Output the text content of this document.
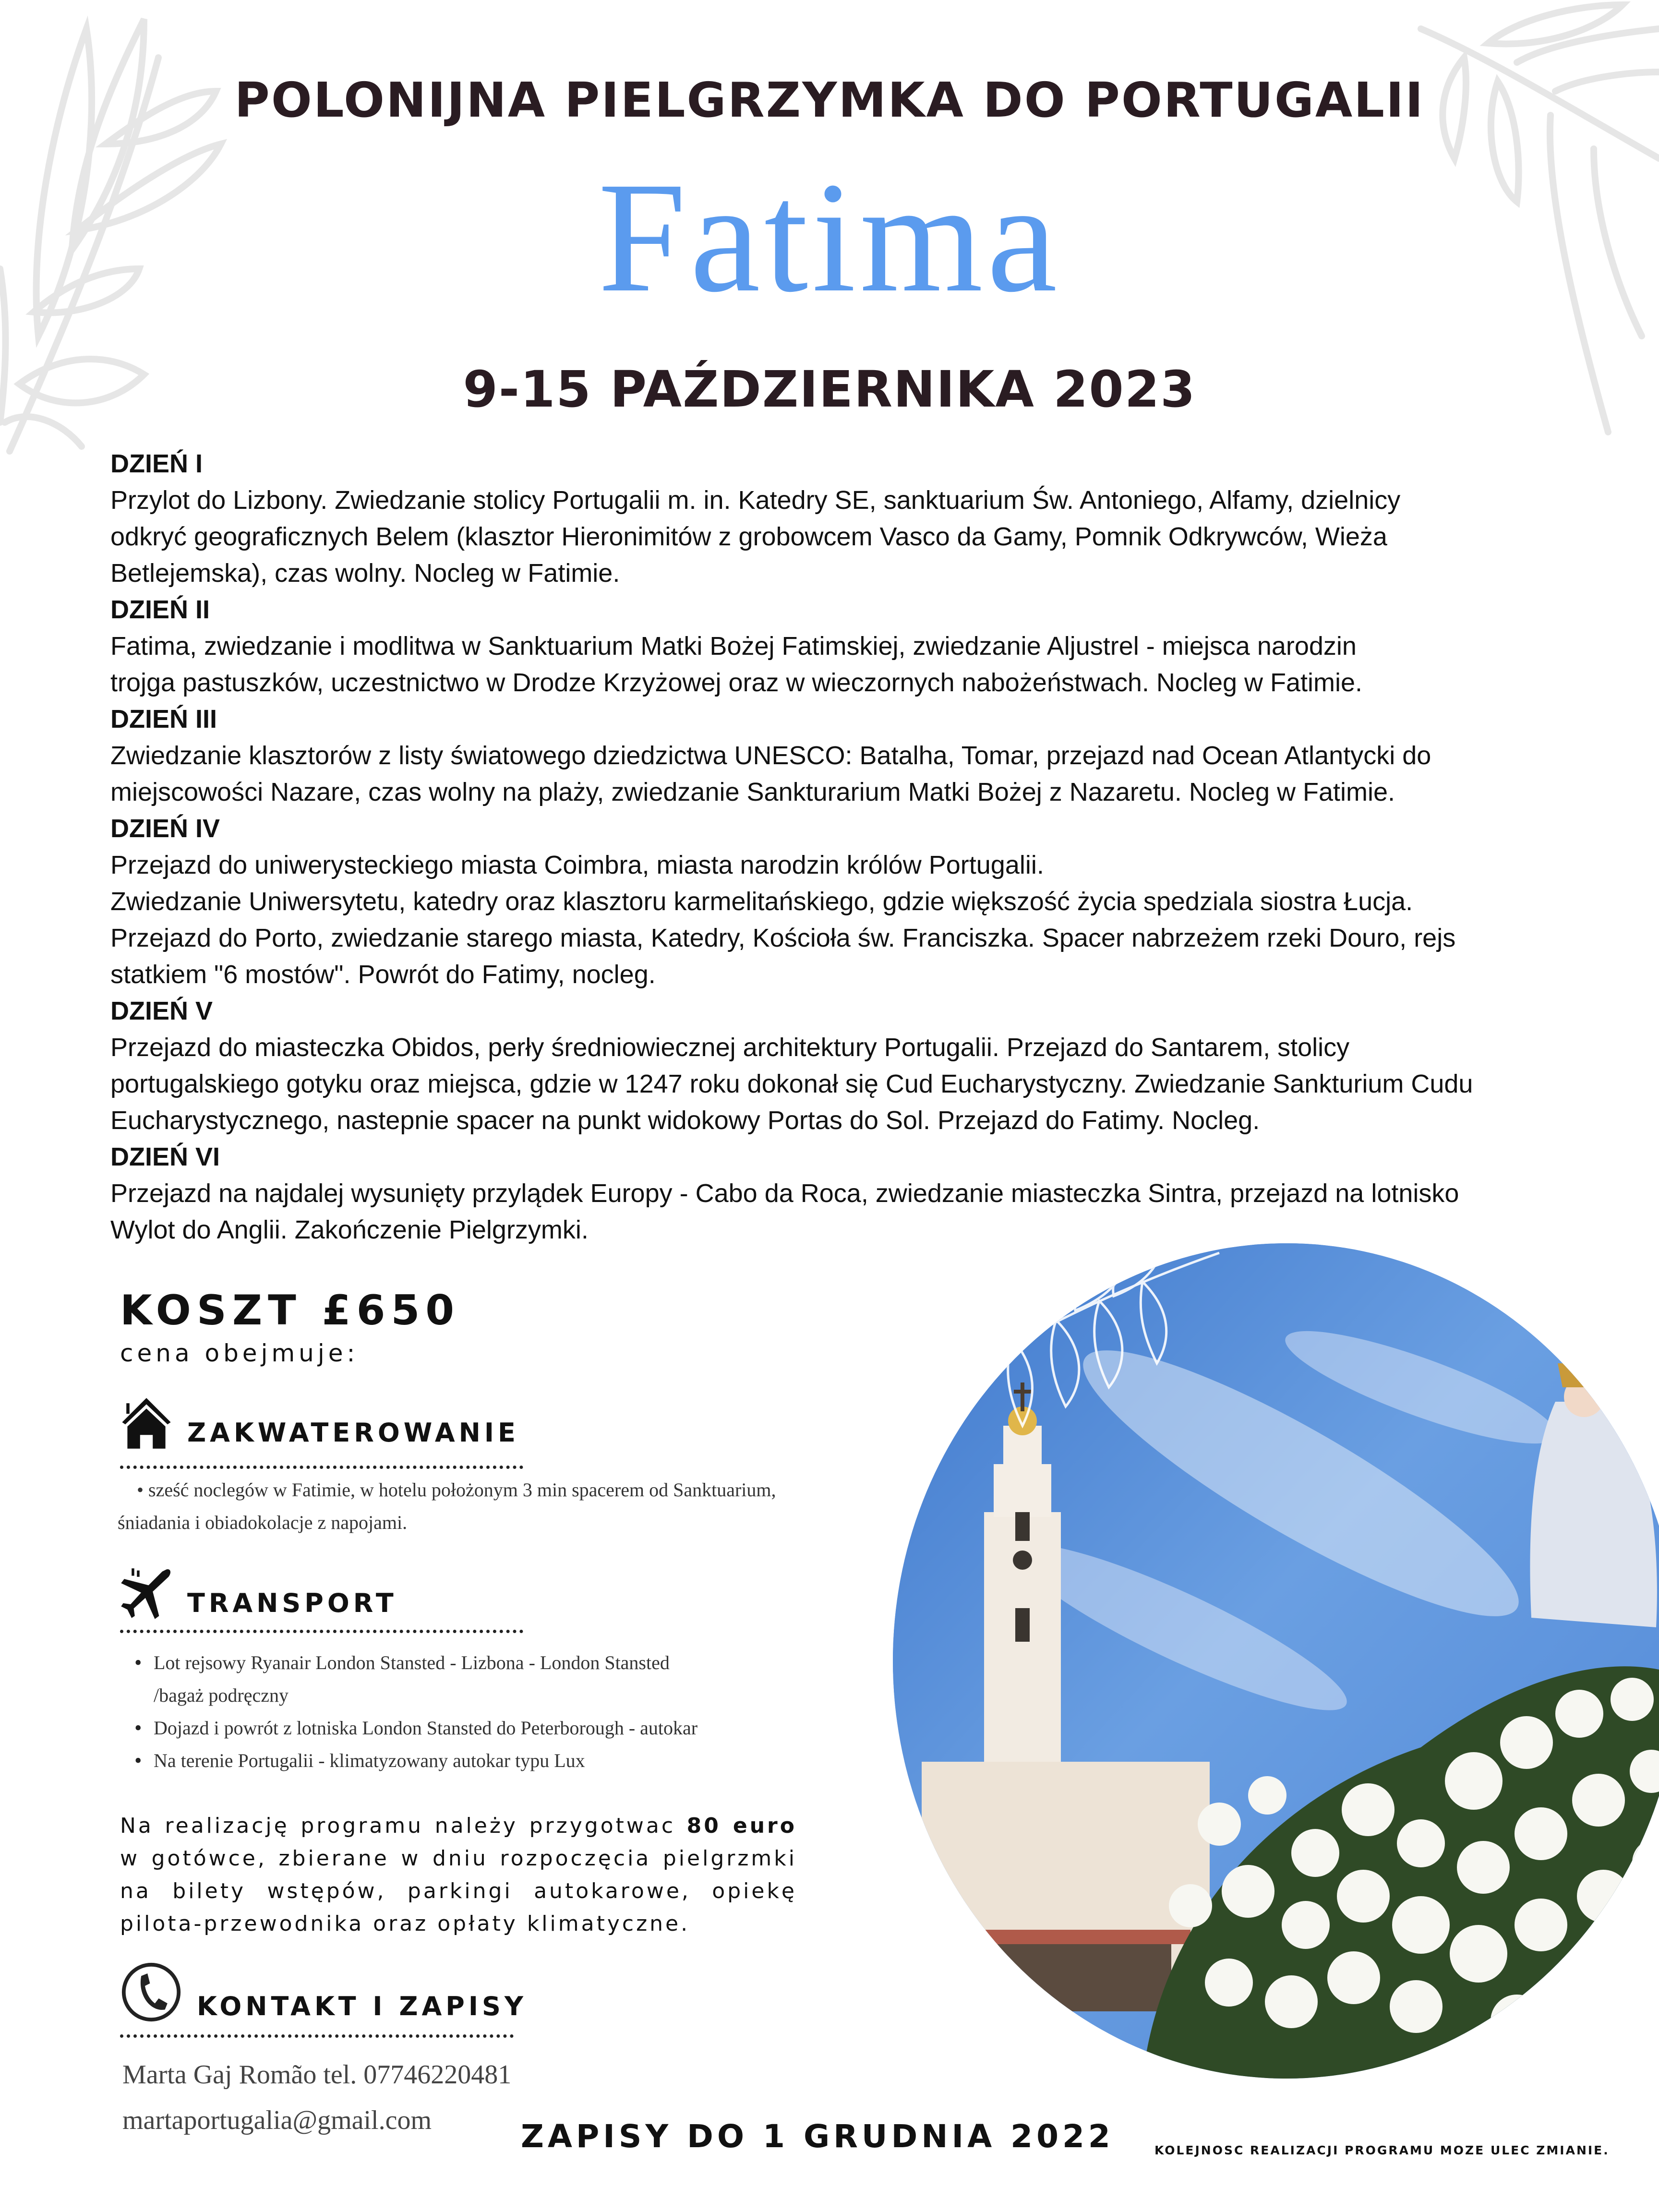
POLONIJNA PIELGRZYMKA DO PORTUGALII
Fatima
9-15 PAŹDZIERNIKA 2023
DZIEŃ I
Przylot do Lizbony. Zwiedzanie stolicy Portugalii m. in. Katedry SE, sanktuarium Św. Antoniego, Alfamy, dzielnicy
odkryć geograficznych Belem (klasztor Hieronimitów z grobowcem Vasco da Gamy, Pomnik Odkrywców, Wieża
Betlejemska), czas wolny. Nocleg w Fatimie.
DZIEŃ II
Fatima, zwiedzanie i modlitwa w Sanktuarium Matki Bożej Fatimskiej, zwiedzanie Aljustrel - miejsca narodzin
trojga pastuszków, uczestnictwo w Drodze Krzyżowej oraz w wieczornych nabożeństwach. Nocleg w Fatimie.
DZIEŃ III
Zwiedzanie klasztorów z listy światowego dziedzictwa UNESCO: Batalha, Tomar, przejazd nad Ocean Atlantycki do
miejscowości Nazare, czas wolny na plaży, zwiedzanie Sankturarium Matki Bożej z Nazaretu. Nocleg w Fatimie.
DZIEŃ IV
Przejazd do uniwerysteckiego miasta Coimbra, miasta narodzin królów Portugalii.
Zwiedzanie Uniwersytetu, katedry oraz klasztoru karmelitańskiego, gdzie większość życia spedziala siostra Łucja.
Przejazd do Porto, zwiedzanie starego miasta, Katedry, Kościoła św. Franciszka. Spacer nabrzeżem rzeki Douro, rejs
statkiem "6 mostów". Powrót do Fatimy, nocleg.
DZIEŃ V
Przejazd do miasteczka Obidos, perły średniowiecznej architektury Portugalii. Przejazd do Santarem, stolicy
portugalskiego gotyku oraz miejsca, gdzie w 1247 roku dokonał się Cud Eucharystyczny. Zwiedzanie Sankturium Cudu
Eucharystycznego, nastepnie spacer na punkt widokowy Portas do Sol. Przejazd do Fatimy. Nocleg.
DZIEŃ VI
Przejazd na najdalej wysunięty przylądek Europy - Cabo da Roca, zwiedzanie miasteczka Sintra, przejazd na lotnisko
Wylot do Anglii. Zakończenie Pielgrzymki.
KOSZT £650
cena obejmuje:
ZAKWATEROWANIE
• sześć noclegów w Fatimie, w hotelu położonym 3 min spacerem od Sanktuarium,
śniadania i obiadokolacje z napojami.
TRANSPORT
• Lot rejsowy Ryanair London Stansted - Lizbona - London Stansted
/bagaż podręczny
• Dojazd i powrót z lotniska London Stansted do Peterborough - autokar
• Na terenie Portugalii - klimatyzowany autokar typu Lux
Na realizację programu należy przygotwac 80 euro w gotówce, zbierane w dniu rozpoczęcia pielgrzmki na bilety wstępów, parkingi autokarowe, opiekę pilota-przewodnika oraz opłaty klimatyczne.
KONTAKT I ZAPISY
Marta Gaj Romão tel. 07746220481
martaportugalia@gmail.com	ZAPISY DO 1 GRUDNIA 2022	KOLEJNOSC REALIZACJI PROGRAMU MOZE ULEC ZMIANIE.
